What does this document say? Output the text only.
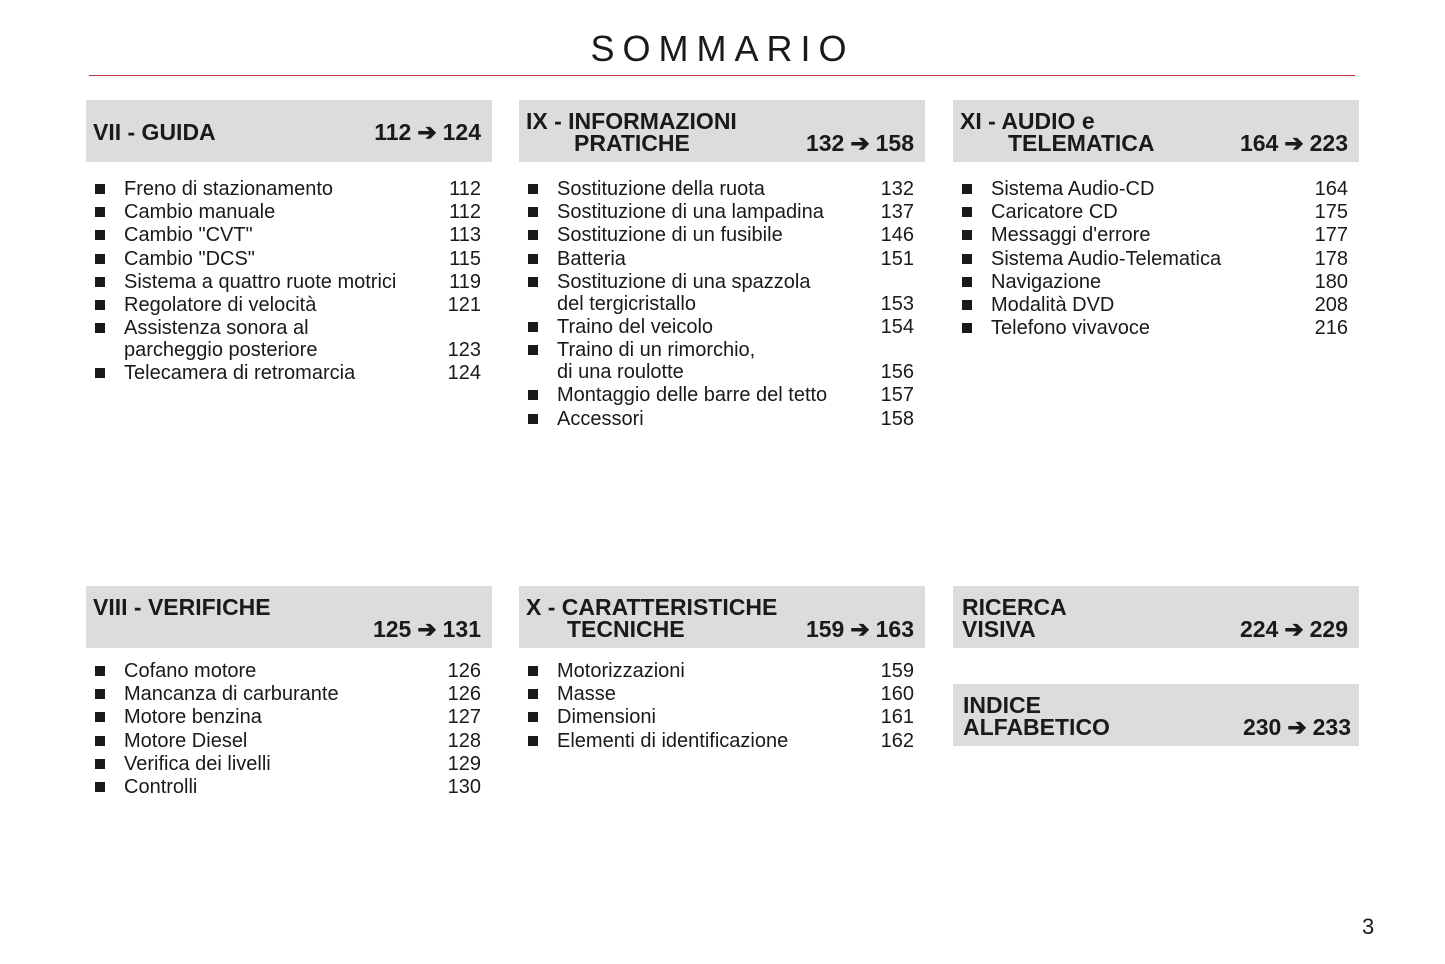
SOMMARIO
VII - GUIDA	112 ➔ 124
Freno di stazionamento	112
Cambio manuale	112
Cambio "CVT"	113
Cambio "DCS"	115
Sistema a quattro ruote motrici	119
Regolatore di velocità	121
Assistenza sonora al
parcheggio posteriore	123
Telecamera di retromarcia	124
IX - INFORMAZIONI
PRATICHE	132 ➔ 158
Sostituzione della ruota	132
Sostituzione di una lampadina	137
Sostituzione di un fusibile	146
Batteria	151
Sostituzione di una spazzola
del tergicristallo	153
Traino del veicolo	154
Traino di un rimorchio,
di una roulotte	156
Montaggio delle barre del tetto	157
Accessori	158
XI - AUDIO e
TELEMATICA	164 ➔ 223
Sistema Audio-CD	164
Caricatore CD	175
Messaggi d'errore	177
Sistema Audio-Telematica	178
Navigazione	180
Modalità DVD	208
Telefono vivavoce	216
VIII - VERIFICHE
125 ➔ 131
Cofano motore	126
Mancanza di carburante	126
Motore benzina	127
Motore Diesel	128
Verifica dei livelli	129
Controlli	130
X - CARATTERISTICHE
TECNICHE	159 ➔ 163
Motorizzazioni	159
Masse	160
Dimensioni	161
Elementi di identificazione	162
RICERCA
VISIVA	224 ➔ 229
INDICE
ALFABETICO	230 ➔ 233
3
